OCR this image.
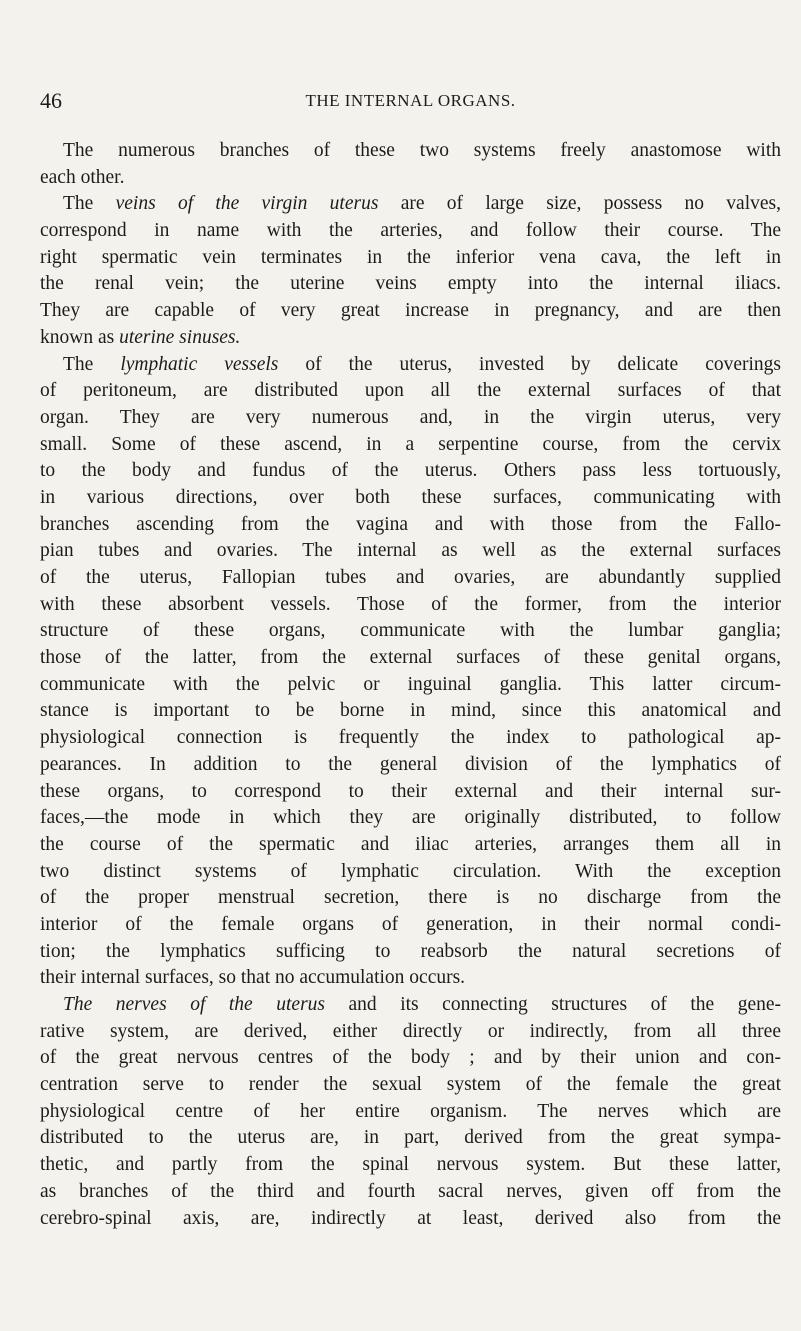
46	THE INTERNAL ORGANS.
The numerous branches of these two systems freely anastomose with
each other.
The veins of the virgin uterus are of large size, possess no valves,
correspond in name with the arteries, and follow their course. The
right spermatic vein terminates in the inferior vena cava, the left in
the renal vein; the uterine veins empty into the internal iliacs.
They are capable of very great increase in pregnancy, and are then
known as uterine sinuses.
The lymphatic vessels of the uterus, invested by delicate coverings
of peritoneum, are distributed upon all the external surfaces of that
organ. They are very numerous and, in the virgin uterus, very
small. Some of these ascend, in a serpentine course, from the cervix
to the body and fundus of the uterus. Others pass less tortuously,
in various directions, over both these surfaces, communicating with
branches ascending from the vagina and with those from the Fallo-
pian tubes and ovaries. The internal as well as the external surfaces
of the uterus, Fallopian tubes and ovaries, are abundantly supplied
with these absorbent vessels. Those of the former, from the interior
structure of these organs, communicate with the lumbar ganglia;
those of the latter, from the external surfaces of these genital organs,
communicate with the pelvic or inguinal ganglia. This latter circum-
stance is important to be borne in mind, since this anatomical and
physiological connection is frequently the index to pathological ap-
pearances. In addition to the general division of the lymphatics of
these organs, to correspond to their external and their internal sur-
faces,—the mode in which they are originally distributed, to follow
the course of the spermatic and iliac arteries, arranges them all in
two distinct systems of lymphatic circulation. With the exception
of the proper menstrual secretion, there is no discharge from the
interior of the female organs of generation, in their normal condi-
tion; the lymphatics sufficing to reabsorb the natural secretions of
their internal surfaces, so that no accumulation occurs.
The nerves of the uterus and its connecting structures of the gene-
rative system, are derived, either directly or indirectly, from all three
of the great nervous centres of the body ; and by their union and con-
centration serve to render the sexual system of the female the great
physiological centre of her entire organism. The nerves which are
distributed to the uterus are, in part, derived from the great sympa-
thetic, and partly from the spinal nervous system. But these latter,
as branches of the third and fourth sacral nerves, given off from the
cerebro-spinal axis, are, indirectly at least, derived also from the
